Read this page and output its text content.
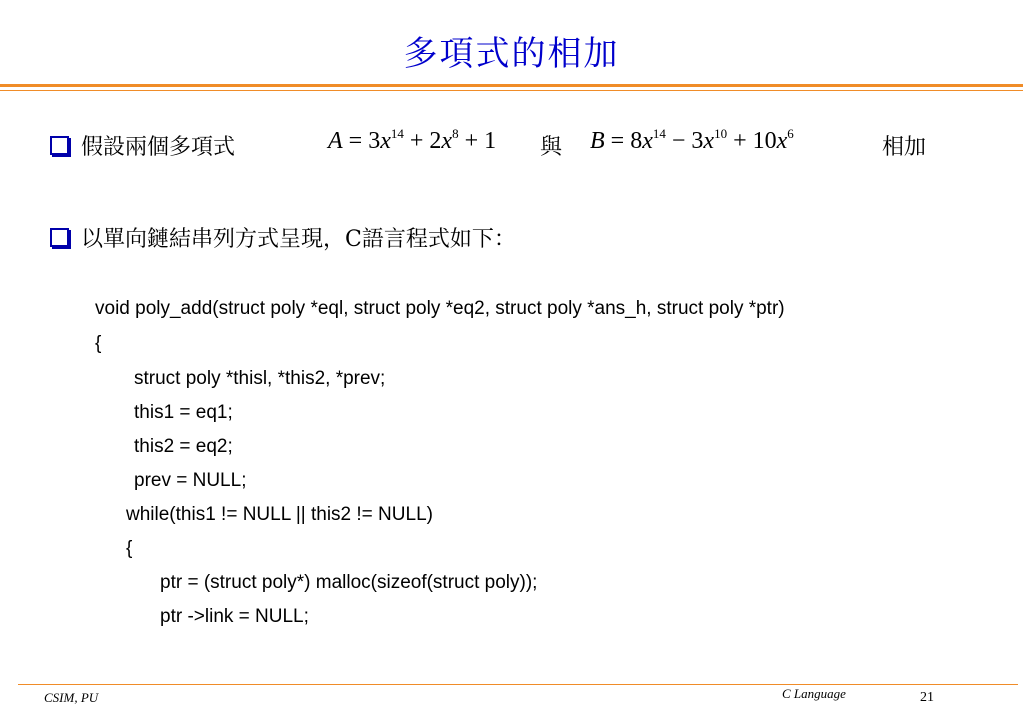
多項式的相加
假設兩個多項式	$A = 3x^{14} + 2x^8 + 1$ 與 $B = 8x^{14} - 3x^{10} + 10x^6$
相加
以單向鏈結串列方式呈現，C語言程式如下：
void poly_add(struct poly *eql, struct poly *eq2, struct poly *ans_h, struct poly *ptr)
{
struct poly *thisl, *this2, *prev;
this1 = eq1;
this2 = eq2;
prev = NULL;
while(this1 != NULL || this2 != NULL)
{
ptr = (struct poly*) malloc(sizeof(struct poly));
ptr ->link = NULL;
CSIM, PU	C Language	21
